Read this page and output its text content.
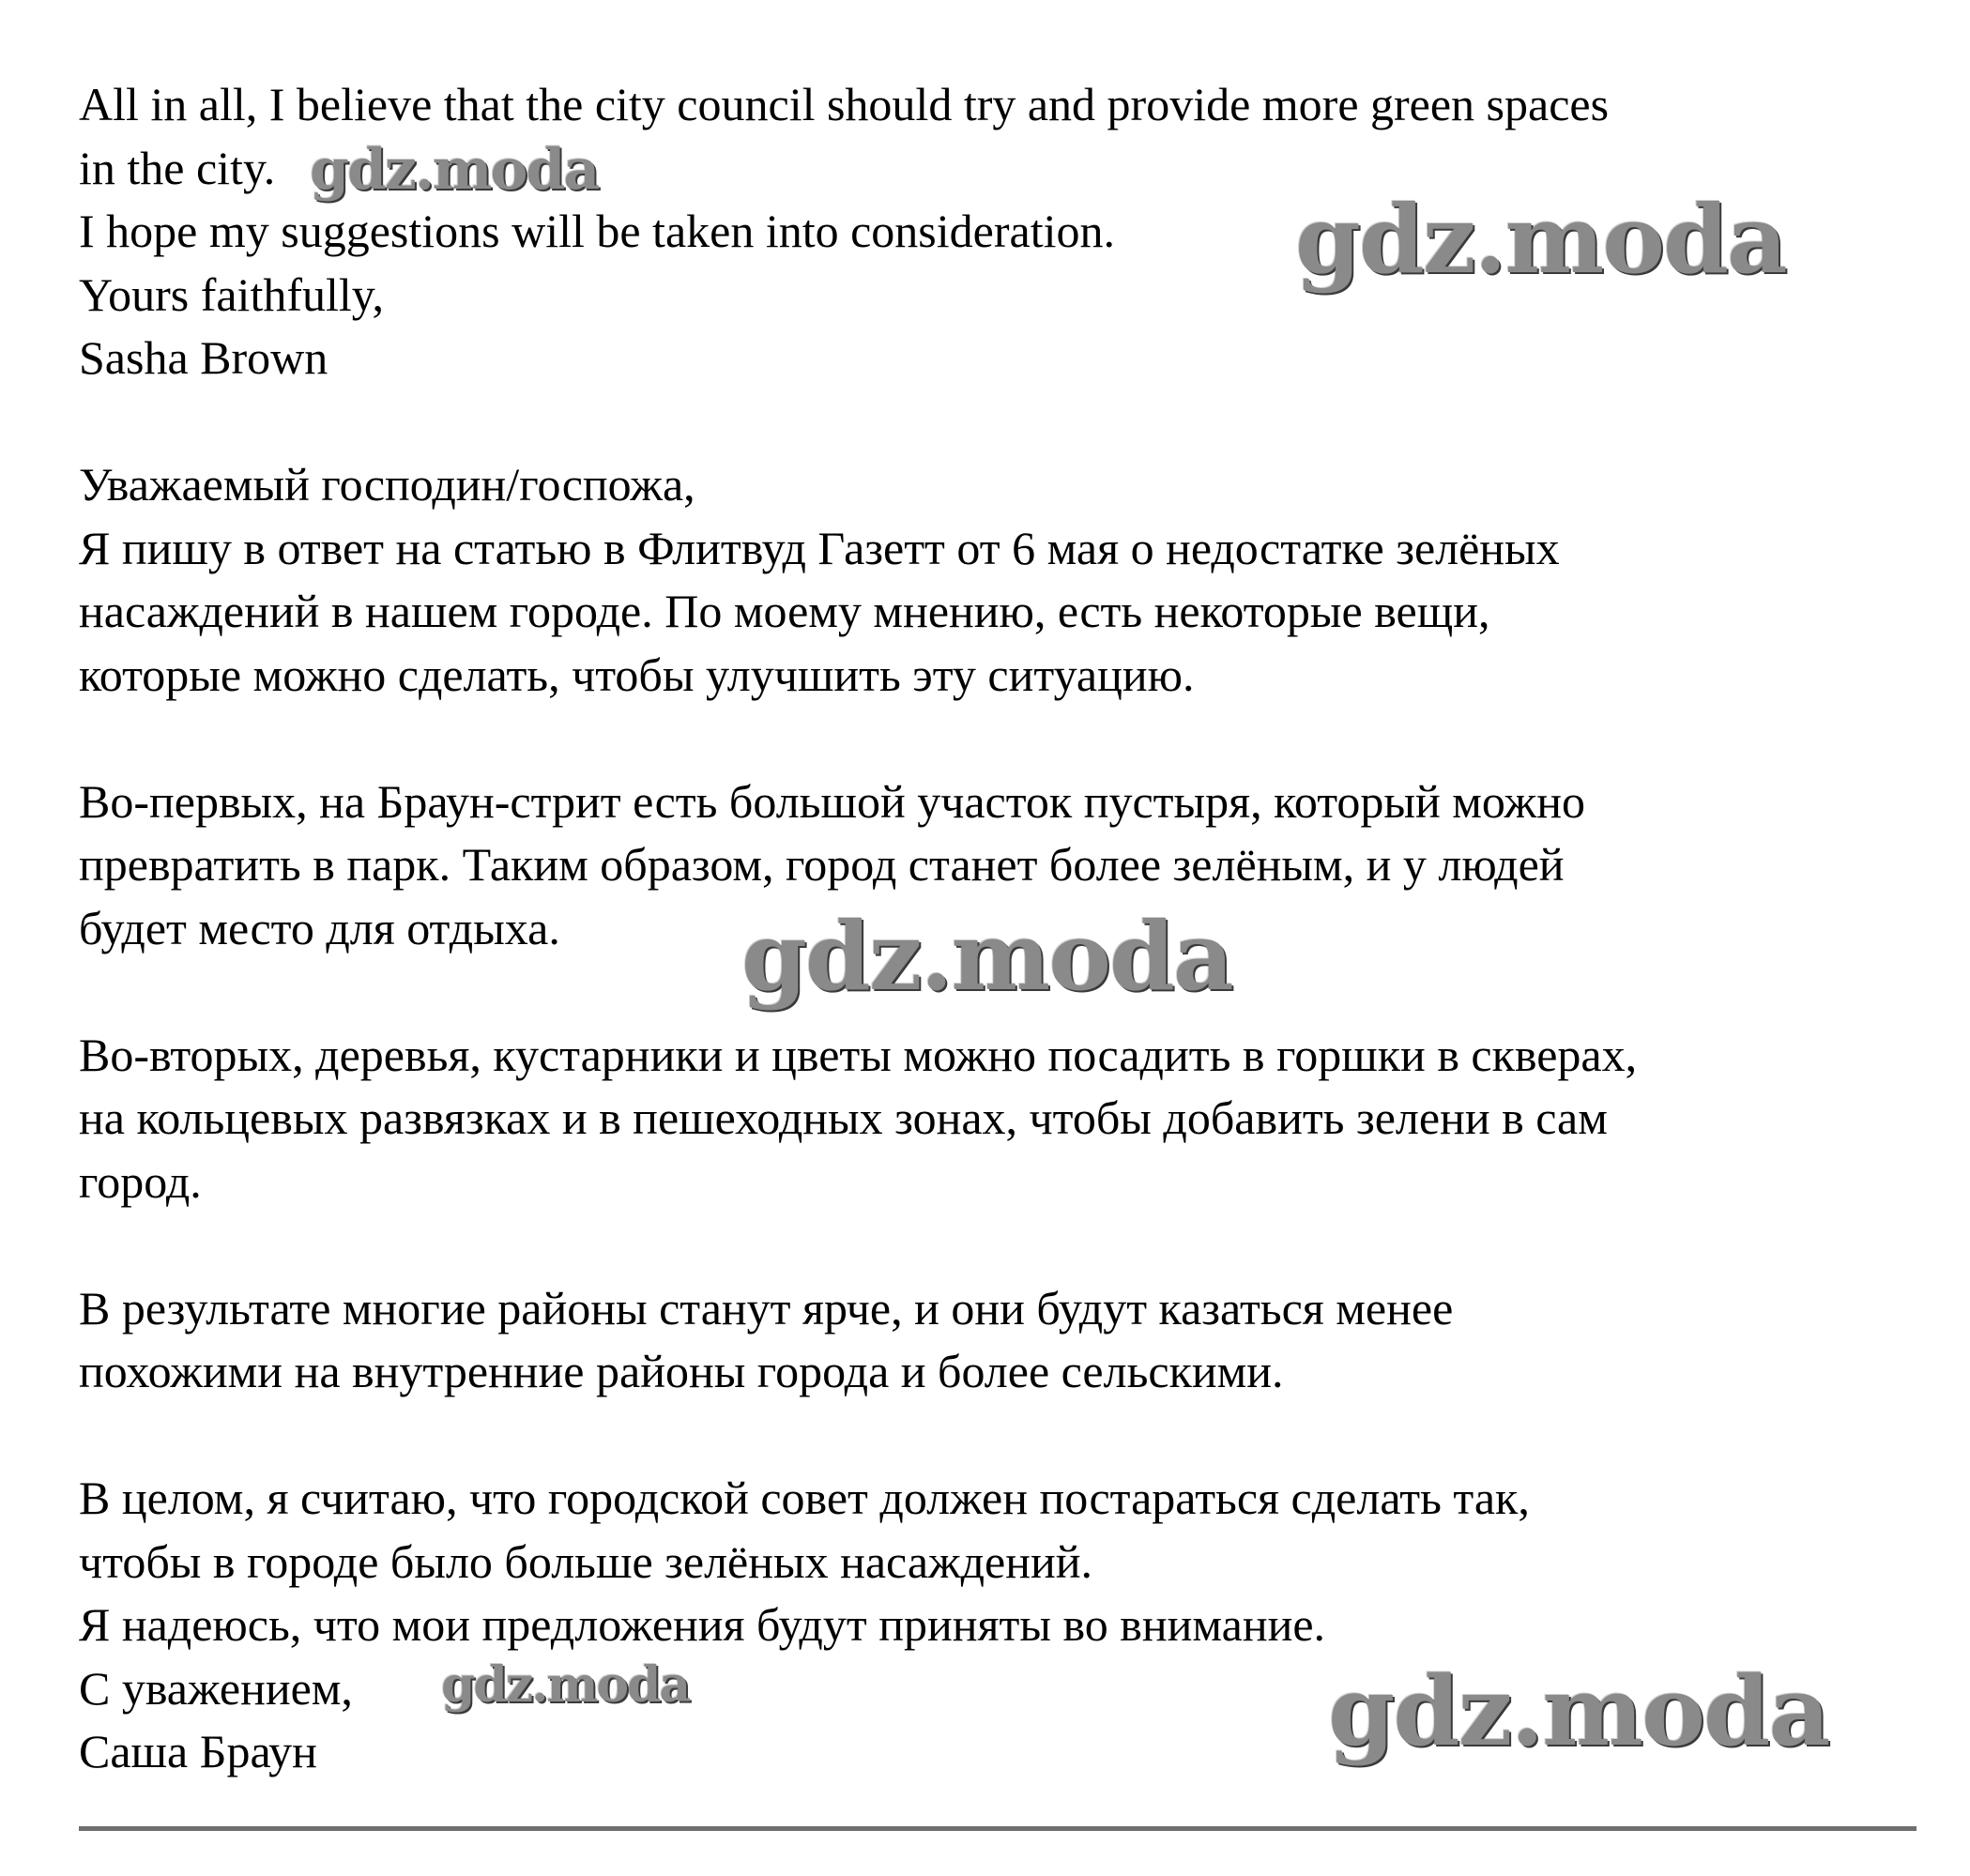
All in all, I believe that the city council should try and provide more green spaces
in the city.
I hope my suggestions will be taken into consideration.
Yours faithfully,
Sasha Brown
Уважаемый господин/госпожа,
Я пишу в ответ на статью в Флитвуд Газетт от 6 мая о недостатке зелёных
насаждений в нашем городе. По моему мнению, есть некоторые вещи,
которые можно сделать, чтобы улучшить эту ситуацию.
Во-первых, на Браун-стрит есть большой участок пустыря, который можно
превратить в парк. Таким образом, город станет более зелёным, и у людей
будет место для отдыха.
Во-вторых, деревья, кустарники и цветы можно посадить в горшки в скверах,
на кольцевых развязках и в пешеходных зонах, чтобы добавить зелени в сам
город.
В результате многие районы станут ярче, и они будут казаться менее
похожими на внутренние районы города и более сельскими.
В целом, я считаю, что городской совет должен постараться сделать так,
чтобы в городе было больше зелёных насаждений.
Я надеюсь, что мои предложения будут приняты во внимание.
С уважением,
Саша Браун
gdz.moda
gdz.moda
gdz.moda
gdz.moda	gdz.moda
